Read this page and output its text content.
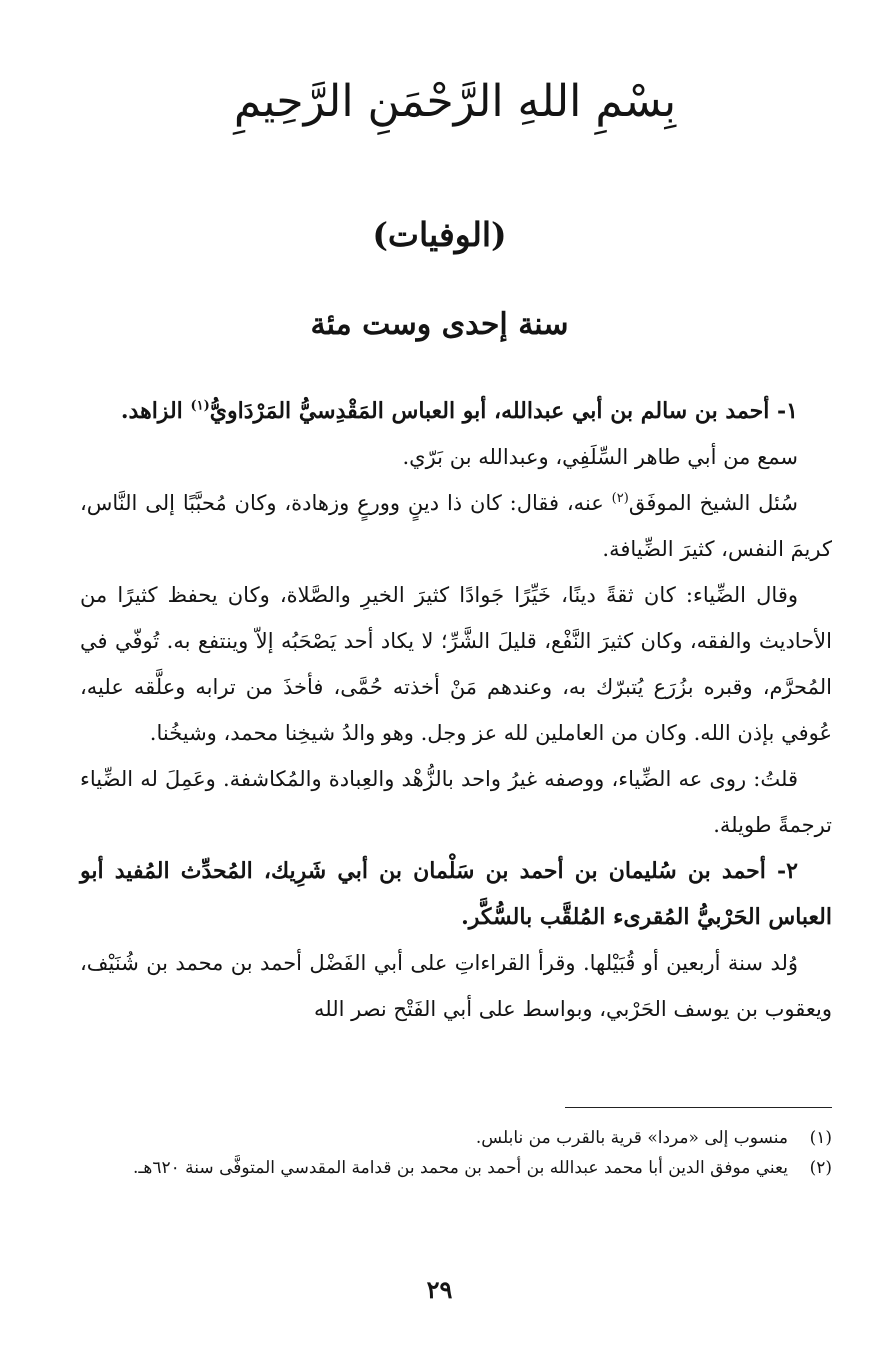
بِسْمِ اللهِ الرَّحْمَنِ الرَّحِيمِ
(الوفيات)
سنة إحدى وست مئة

١- أحمد بن سالم بن أبي عبدالله، أبو العباس المَقْدِسيُّ المَرْدَاويُّ$^{(١)}$ الزاهد.

سمع من أبي طاهر السِّلَفِي، وعبدالله بن بَرّي.

سُئل الشيخ الموفَق$^{(٢)}$ عنه، فقال: كان ذا دينٍ وورعٍ وزهادة، وكان مُحبَّبًا إلى النَّاس، كريمَ النفس، كثيرَ الضِّيافة.

وقال الضِّياء: كان ثقةً دينًا، خَيِّرًا جَوادًا كثيرَ الخيرِ والصَّلاة، وكان يحفظ كثيرًا من الأحاديث والفقه، وكان كثيرَ النَّفْع، قليلَ الشَّرِّ؛ لا يكاد أحد يَصْحَبُه إلاّ وينتفع به. تُوفّي في المُحرَّم، وقبره بزُرَع يُتبرّك به، وعندهم مَنْ أخذته حُمَّى، فأخذَ من ترابه وعلَّقه عليه، عُوفي بإذن الله. وكان من العاملين لله عز وجل. وهو والدُ شيخِنا محمد، وشيخُنا.

قلتُ: روى عه الضِّياء، ووصفه غيرُ واحد بالزُّهْد والعِبادة والمُكاشفة. وعَمِلَ له الضِّياء ترجمةً طويلة.

٢- أحمد بن سُليمان بن أحمد بن سَلْمان بن أبي شَرِيك، المُحدِّث المُفيد أبو العباس الحَرْبيُّ المُقرىء المُلقَّب بالسُّكَّر.

وُلد سنة أربعين أو قُبَيْلها. وقرأ القراءاتِ على أبي الفَضْل أحمد بن محمد بن شُنَيْف، ويعقوب بن يوسف الحَرْبي، وبواسط على أبي الفَتْح نصر الله

(١)
منسوب إلى «مردا» قرية بالقرب من نابلس.
(٢)
يعني موفق الدين أبا محمد عبدالله بن أحمد بن محمد بن قدامة المقدسي المتوفَّى سنة ٦٢٠هـ.
٢٩
